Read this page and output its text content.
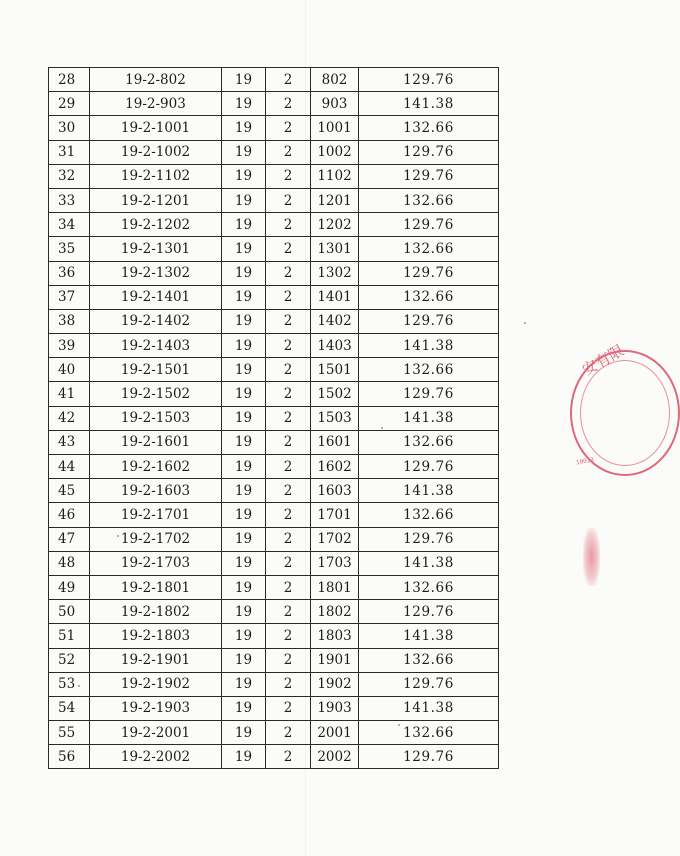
28	19-2-802	19	2	802	129.76
29	19-2-903	19	2	903	141.38
30	19-2-1001	19	2	1001	132.66
31	19-2-1002	19	2	1002	129.76
32	19-2-1102	19	2	1102	129.76
33	19-2-1201	19	2	1201	132.66
34	19-2-1202	19	2	1202	129.76
35	19-2-1301	19	2	1301	132.66
36	19-2-1302	19	2	1302	129.76
37	19-2-1401	19	2	1401	132.66
38	19-2-1402	19	2	1402	129.76
39	19-2-1403	19	2	1403	141.38
40	19-2-1501	19	2	1501	132.66
41	19-2-1502	19	2	1502	129.76
42	19-2-1503	19	2	1503	141.38
43	19-2-1601	19	2	1601	132.66
44	19-2-1602	19	2	1602	129.76
45	19-2-1603	19	2	1603	141.38
46	19-2-1701	19	2	1701	132.66
47	19-2-1702	19	2	1702	129.76
48	19-2-1703	19	2	1703	141.38
49	19-2-1801	19	2	1801	132.66
50	19-2-1802	19	2	1802	129.76
51	19-2-1803	19	2	1803	141.38
52	19-2-1901	19	2	1901	132.66
53	19-2-1902	19	2	1902	129.76
54	19-2-1903	19	2	1903	141.38
55	19-2-2001	19	2	2001	132.66
56	19-2-2002	19	2	2002	129.76
安有限
10023
